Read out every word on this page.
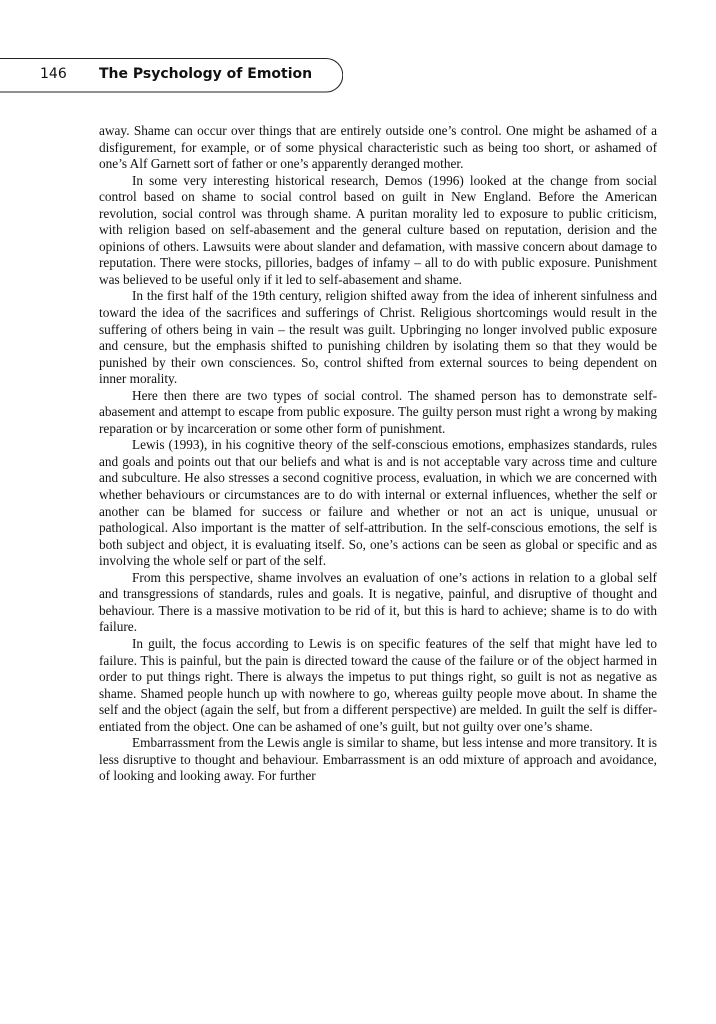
146 The Psychology of Emotion

away. Shame can occur over things that are entirely outside one’s control. One might be ashamed of a disfigurement, for example, or of some physical characteristic such as being too short, or ashamed of one’s Alf Garnett sort of father or one’s apparently deranged mother.

In some very interesting historical research, Demos (1996) looked at the change from social control based on shame to social control based on guilt in New England. Before the American revolution, social control was through shame. A puritan morality led to exposure to public criticism, with religion based on self-abasement and the general culture based on reputation, derision and the opinions of others. Lawsuits were about slander and defamation, with massive concern about damage to reputation. There were stocks, pillories, badges of infamy – all to do with public exposure. Punishment was believed to be useful only if it led to self-abasement and shame.

In the first half of the 19th century, religion shifted away from the idea of inherent sinfulness and toward the idea of the sacrifices and sufferings of Christ. Religious shortcomings would result in the suffering of others being in vain – the result was guilt. Upbringing no longer involved public exposure and censure, but the emphasis shifted to punishing children by isolating them so that they would be punished by their own consciences. So, control shifted from external sources to being dependent on inner morality.

Here then there are two types of social control. The shamed person has to demonstrate self-abasement and attempt to escape from public exposure. The guilty person must right a wrong by making reparation or by incarceration or some other form of punishment.

Lewis (1993), in his cognitive theory of the self-conscious emotions, emphasizes standards, rules and goals and points out that our beliefs and what is and is not acceptable vary across time and culture and subculture. He also stresses a second cognitive process, evaluation, in which we are concerned with whether behaviours or circumstances are to do with internal or external influences, whether the self or another can be blamed for success or failure and whether or not an act is unique, unusual or pathological. Also important is the matter of self-attribution. In the self-conscious emotions, the self is both subject and object, it is evaluating itself. So, one’s actions can be seen as global or specific and as involving the whole self or part of the self.

From this perspective, shame involves an evaluation of one’s actions in relation to a global self and transgressions of standards, rules and goals. It is negative, painful, and disruptive of thought and behaviour. There is a massive motivation to be rid of it, but this is hard to achieve; shame is to do with failure.

In guilt, the focus according to Lewis is on specific features of the self that might have led to failure. This is painful, but the pain is directed toward the cause of the failure or of the object harmed in order to put things right. There is always the impetus to put things right, so guilt is not as negative as shame. Shamed people hunch up with nowhere to go, whereas guilty people move about. In shame the self and the object (again the self, but from a different perspective) are melded. In guilt the self is differentiated from the object. One can be ashamed of one’s guilt, but not guilty over one’s shame.

Embarrassment from the Lewis angle is similar to shame, but less intense and more transitory. It is less disruptive to thought and behaviour. Embarrassment is an odd mixture of approach and avoidance, of looking and looking away. For further
